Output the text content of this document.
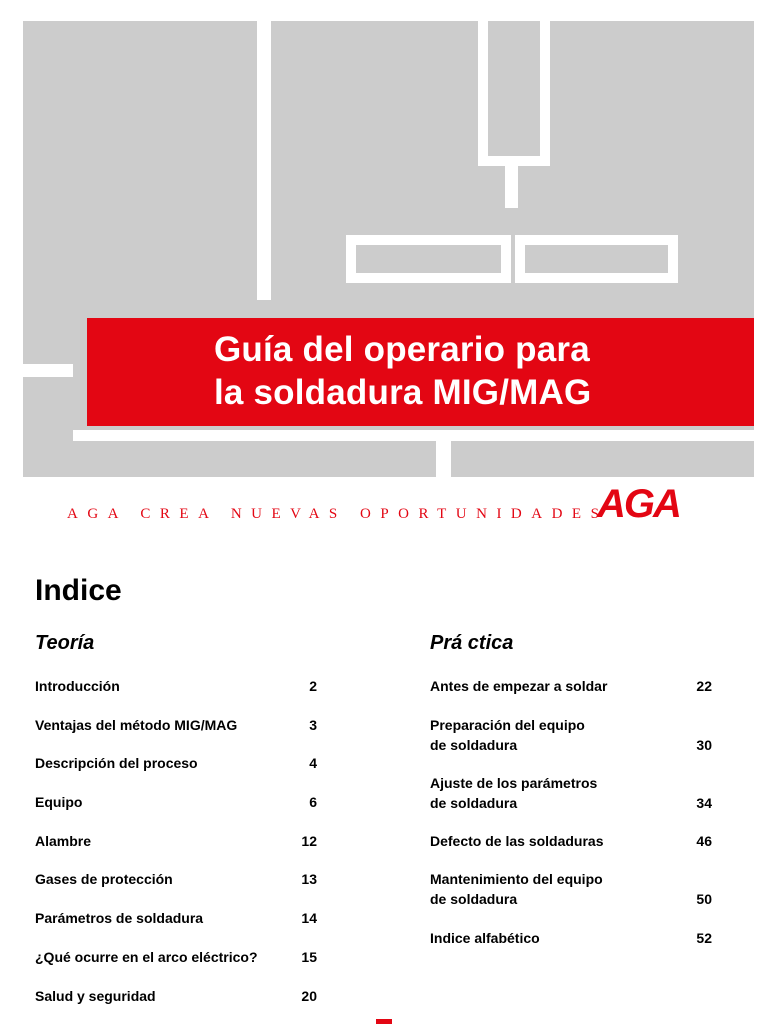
Guía del operario para
la soldadura MIG/MAG
AGA CREA NUEVAS OPORTUNIDADES
AGA
Indice
Teoría	Prá ctica
Introducción	2
Ventajas del método MIG/MAG	3
Descripción del proceso	4
Equipo	6
Alambre	12
Gases de protección	13
Parámetros de soldadura	14
¿Qué ocurre en el arco eléctrico?	15
Salud y seguridad	20
Antes de empezar a soldar	22
Preparación del equipo
de soldadura	30
Ajuste de los parámetros
de soldadura	34
Defecto de las soldaduras	46
Mantenimiento del equipo
de soldadura	50
Indice alfabético	52
